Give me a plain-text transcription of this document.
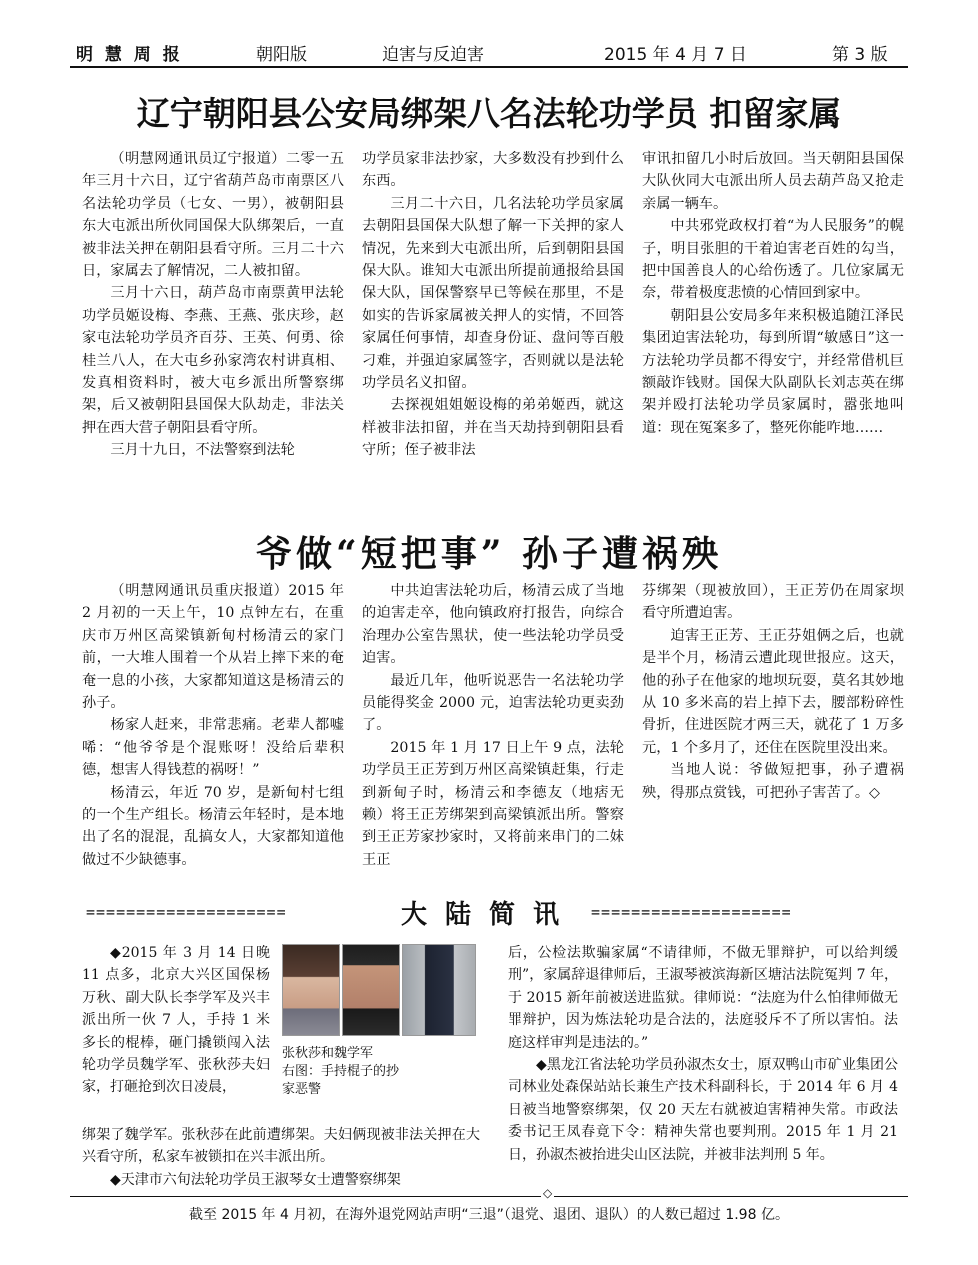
明 慧 周 报	朝阳版	迫害与反迫害	2015 年 4 月 7 日	第 3 版
辽宁朝阳县公安局绑架八名法轮功学员 扣留家属

（明慧网通讯员辽宁报道）二零一五年三月十六日，辽宁省葫芦岛市南票区八名法轮功学员（七女、一男），被朝阳县东大屯派出所伙同国保大队绑架后，一直被非法关押在朝阳县看守所。三月二十六日，家属去了解情况，二人被扣留。

三月十六日，葫芦岛市南票黄甲法轮功学员姬设梅、李燕、王燕、张庆珍，赵家屯法轮功学员齐百芬、王英、何勇、徐桂兰八人，在大屯乡孙家湾农村讲真相、发真相资料时，被大屯乡派出所警察绑架，后又被朝阳县国保大队劫走，非法关押在西大营子朝阳县看守所。

三月十九日，不法警察到法轮

功学员家非法抄家，大多数没有抄到什么东西。

三月二十六日，几名法轮功学员家属去朝阳县国保大队想了解一下关押的家人情况，先来到大屯派出所，后到朝阳县国保大队。谁知大屯派出所提前通报给县国保大队，国保警察早已等候在那里，不是如实的告诉家属被关押人的实情，不回答家属任何事情，却查身份证、盘问等百般刁难，并强迫家属签字，否则就以是法轮功学员名义扣留。

去探视姐姐姬设梅的弟弟姬西，就这样被非法扣留，并在当天劫持到朝阳县看守所；侄子被非法

审讯扣留几小时后放回。当天朝阳县国保大队伙同大屯派出所人员去葫芦岛又抢走亲属一辆车。

中共邪党政权打着“为人民服务”的幌子，明目张胆的干着迫害老百姓的勾当，把中国善良人的心给伤透了。几位家属无奈，带着极度悲愤的心情回到家中。

朝阳县公安局多年来积极追随江泽民集团迫害法轮功，每到所谓“敏感日”这一方法轮功学员都不得安宁，并经常借机巨额敲诈钱财。国保大队副队长刘志英在绑架并殴打法轮功学员家属时，嚣张地叫道：现在冤案多了，整死你能咋地……

爷做“短把事” 孙子遭祸殃

（明慧网通讯员重庆报道）2015 年 2 月初的一天上午，10 点钟左右，在重庆市万州区高梁镇新甸村杨清云的家门前，一大堆人围着一个从岩上摔下来的奄奄一息的小孩，大家都知道这是杨清云的孙子。

杨家人赶来，非常悲痛。老辈人都嘘唏：“他爷爷是个混账呀！没给后辈积德，想害人得钱惹的祸呀！”

杨清云，年近 70 岁，是新甸村七组的一个生产组长。杨清云年轻时，是本地出了名的混混，乱搞女人，大家都知道他做过不少缺德事。

中共迫害法轮功后，杨清云成了当地的迫害走卒，他向镇政府打报告，向综合治理办公室告黑状，使一些法轮功学员受迫害。

最近几年，他听说恶告一名法轮功学员能得奖金 2000 元，迫害法轮功更卖劲了。

2015 年 1 月 17 日上午 9 点，法轮功学员王正芳到万州区高梁镇赶集，行走到新甸子时，杨清云和李德友（地痞无赖）将王正芳绑架到高梁镇派出所。警察到王正芳家抄家时，又将前来串门的二妹王正

芬绑架（现被放回），王正芳仍在周家坝看守所遭迫害。

迫害王正芳、王正芬姐俩之后，也就是半个月，杨清云遭此现世报应。这天，他的孙子在他家的地坝玩耍，莫名其妙地从 10 多米高的岩上掉下去，腰部粉碎性骨折，住进医院才两三天，就花了 1 万多元，1 个多月了，还住在医院里没出来。

当地人说：爷做短把事，孙子遭祸殃，得那点赏钱，可把孙子害苦了。◇

====================	大陆简讯 ====================
◆2015 年 3 月 14 日晚 11 点多，北京大兴区国保杨万秋、副大队长李学军及兴丰派出所一伙 7 人，手持 1 米多长的棍棒，砸门撬锁闯入法轮功学员魏学军、张秋莎夫妇家，打砸抢到次日凌晨，
张秋莎和魏学军
右图：手持棍子的抄家恶警
绑架了魏学军。张秋莎在此前遭绑架。夫妇俩现被非法关押在大兴看守所，私家车被锁扣在兴丰派出所。
◆天津市六旬法轮功学员王淑琴女士遭警察绑架
后，公检法欺骗家属“不请律师，不做无罪辩护，可以给判缓刑”，家属辞退律师后，王淑琴被滨海新区塘沽法院冤判 7 年，于 2015 新年前被送进监狱。律师说：“法庭为什么怕律师做无罪辩护，因为炼法轮功是合法的，法庭驳斥不了所以害怕。法庭这样审判是违法的。”
◆黑龙江省法轮功学员孙淑杰女士，原双鸭山市矿业集团公司林业处森保站站长兼生产技术科副科长，于 2014 年 6 月 4 日被当地警察绑架，仅 20 天左右就被迫害精神失常。市政法委书记王凤春竟下令：精神失常也要判刑。2015 年 1 月 21 日，孙淑杰被抬进尖山区法院，并被非法判刑 5 年。
◇
截至 2015 年 4 月初，在海外退党网站声明“三退”（退党、退团、退队）的人数已超过 1.98 亿。
